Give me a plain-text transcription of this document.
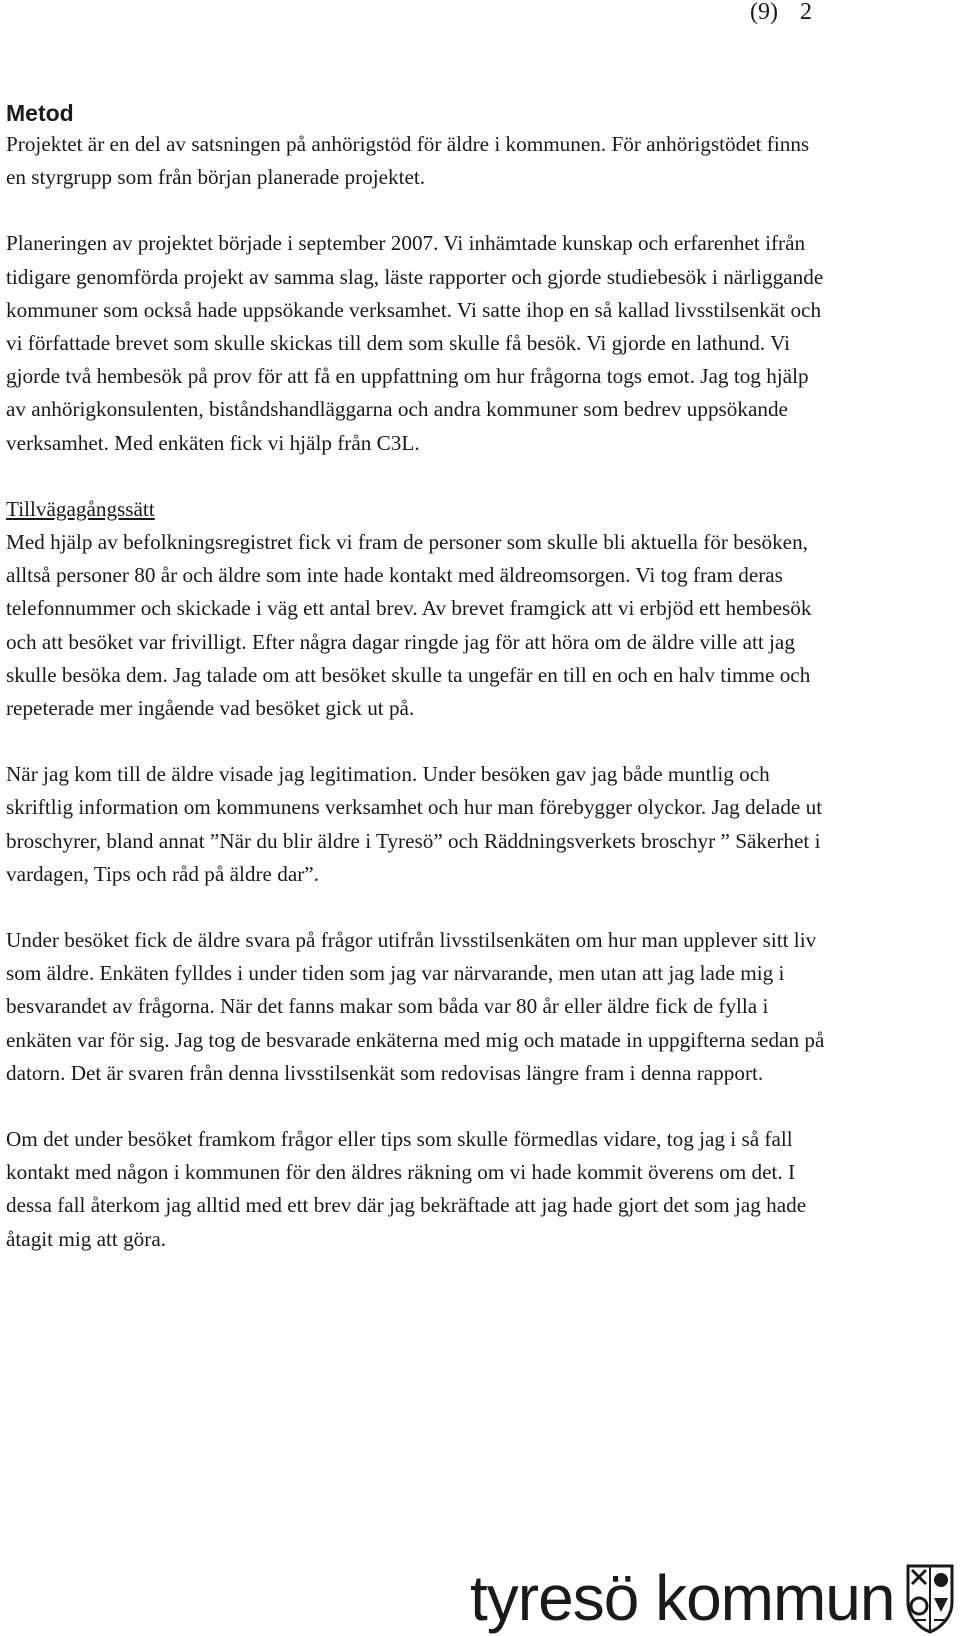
(9) 2
Metod

Projektet är en del av satsningen på anhörigstöd för äldre i kommunen. För anhörigstödet finns en styrgrupp som från början planerade projektet.

Planeringen av projektet började i september 2007. Vi inhämtade kunskap och erfarenhet ifrån tidigare genomförda projekt av samma slag, läste rapporter och gjorde studiebesök i närliggande kommuner som också hade uppsökande verksamhet. Vi satte ihop en så kallad livsstilsenkät och vi författade brevet som skulle skickas till dem som skulle få besök. Vi gjorde en lathund. Vi gjorde två hembesök på prov för att få en uppfattning om hur frågorna togs emot. Jag tog hjälp av anhörigkonsulenten, biståndshandläggarna och andra kommuner som bedrev uppsökande verksamhet. Med enkäten fick vi hjälp från C3L.

Tillvägagångssätt

Med hjälp av befolkningsregistret fick vi fram de personer som skulle bli aktuella för besöken, alltså personer 80 år och äldre som inte hade kontakt med äldreomsorgen. Vi tog fram deras telefonnummer och skickade i väg ett antal brev. Av brevet framgick att vi erbjöd ett hembesök och att besöket var frivilligt. Efter några dagar ringde jag för att höra om de äldre ville att jag skulle besöka dem. Jag talade om att besöket skulle ta ungefär en till en och en halv timme och repeterade mer ingående vad besöket gick ut på.

När jag kom till de äldre visade jag legitimation. Under besöken gav jag både muntlig och skriftlig information om kommunens verksamhet och hur man förebygger olyckor. Jag delade ut broschyrer, bland annat ”När du blir äldre i Tyresö” och Räddningsverkets broschyr ” Säkerhet i vardagen, Tips och råd på äldre dar”.

Under besöket fick de äldre svara på frågor utifrån livsstilsenkäten om hur man upplever sitt liv som äldre. Enkäten fylldes i under tiden som jag var närvarande, men utan att jag lade mig i besvarandet av frågorna. När det fanns makar som båda var 80 år eller äldre fick de fylla i enkäten var för sig. Jag tog de besvarade enkäterna med mig och matade in uppgifterna sedan på datorn. Det är svaren från denna livsstilsenkät som redovisas längre fram i denna rapport.

Om det under besöket framkom frågor eller tips som skulle förmedlas vidare, tog jag i så fall kontakt med någon i kommunen för den äldres räkning om vi hade kommit överens om det. I dessa fall återkom jag alltid med ett brev där jag bekräftade att jag hade gjort det som jag hade åtagit mig att göra.

tyresö kommun
